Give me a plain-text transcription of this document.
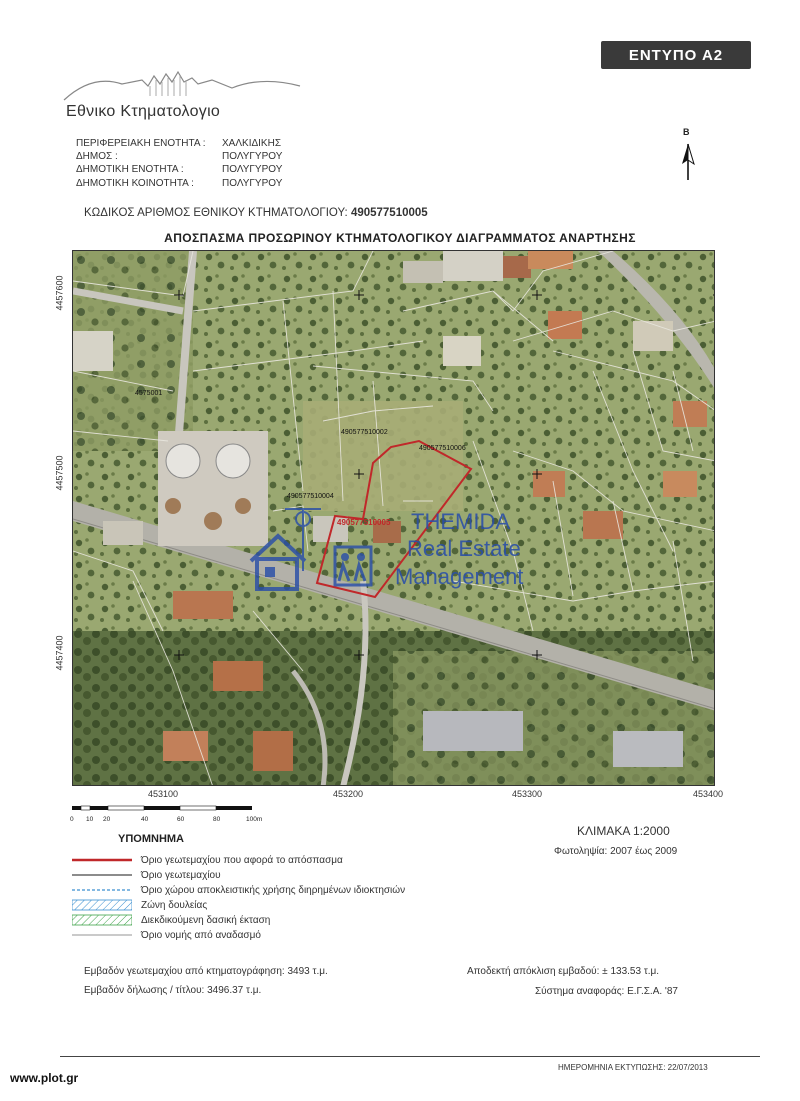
ΕΝΤΥΠΟ Α2
Εθνικο Κτηματολογιο
ΠΕΡΙΦΕΡΕΙΑΚΗ ΕΝΟΤΗΤΑ : ΧΑΛΚΙΔΙΚΗΣ
ΔΗΜΟΣ :	ΠΟΛΥΓΥΡΟΥ
ΔΗΜΟΤΙΚΗ ΕΝΟΤΗΤΑ :	ΠΟΛΥΓΥΡΟΥ
ΔΗΜΟΤΙΚΗ ΚΟΙΝΟΤΗΤΑ :	ΠΟΛΥΓΥΡΟΥ
Β
ΚΩΔΙΚΟΣ ΑΡΙΘΜΟΣ ΕΘΝΙΚΟΥ ΚΤΗΜΑΤΟΛΟΓΙΟΥ: 490577510005
ΑΠΟΣΠΑΣΜΑ ΠΡΟΣΩΡΙΝΟΥ ΚΤΗΜΑΤΟΛΟΓΙΚΟΥ ΔΙΑΓΡΑΜΜΑΤΟΣ ΑΝΑΡΤΗΣΗΣ
4575001
490577510002
490577510006
490577510004
490577510005 THEMIDA
Real Estate
Management
4457600
4457500
4457400
453100	453200	453300	453400
0 10 20	40	60	80	100m
ΥΠΟΜΝΗΜΑ
Όριο γεωτεμαχίου που αφορά το απόσπασμα
Όριο γεωτεμαχίου
Όριο χώρου αποκλειστικής χρήσης διηρημένων ιδιοκτησιών
Ζώνη δουλείας
Διεκδικούμενη δασική έκταση
Όριο νομής από αναδασμό
ΚΛΙΜΑΚΑ 1:2000
Φωτοληψία: 2007 έως 2009
Εμβαδόν γεωτεμαχίου από κτηματογράφηση: 3493 τ.μ.
Εμβαδόν δήλωσης / τίτλου: 3496.37 τ.μ.
Αποδεκτή απόκλιση εμβαδού: ± 133.53 τ.μ.
Σύστημα αναφοράς: Ε.Γ.Σ.Α. '87
ΗΜΕΡΟΜΗΝΙΑ ΕΚΤΥΠΩΣΗΣ: 22/07/2013
www.plot.gr
